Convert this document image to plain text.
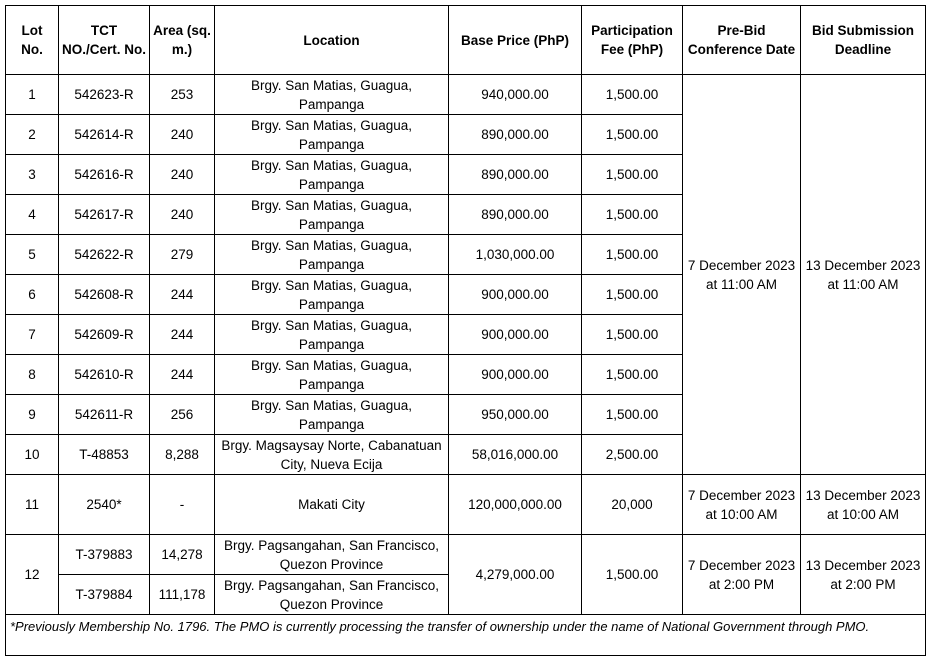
Lot No.	TCT NO./Cert. No.	Area (sq. m.)	Location	Base Price (PhP)	Participation Fee (PhP)	Pre-Bid Conference Date	Bid Submission Deadline
1	542623-R	253	Brgy. San Matias, Guagua, Pampanga	940,000.00	1,500.00	7 December 2023 at 11:00 AM	13 December 2023 at 11:00 AM
2	542614-R	240	Brgy. San Matias, Guagua, Pampanga	890,000.00	1,500.00		
3	542616-R	240	Brgy. San Matias, Guagua, Pampanga	890,000.00	1,500.00		
4	542617-R	240	Brgy. San Matias, Guagua, Pampanga	890,000.00	1,500.00		
5	542622-R	279	Brgy. San Matias, Guagua, Pampanga	1,030,000.00	1,500.00		
6	542608-R	244	Brgy. San Matias, Guagua, Pampanga	900,000.00	1,500.00		
7	542609-R	244	Brgy. San Matias, Guagua, Pampanga	900,000.00	1,500.00		
8	542610-R	244	Brgy. San Matias, Guagua, Pampanga	900,000.00	1,500.00		
9	542611-R	256	Brgy. San Matias, Guagua, Pampanga	950,000.00	1,500.00		
10	T-48853	8,288	Brgy. Magsaysay Norte, Cabanatuan City, Nueva Ecija	58,016,000.00	2,500.00		
11	2540*	-	Makati City	120,000,000.00	20,000	7 December 2023 at 10:00 AM	13 December 2023 at 10:00 AM
12	T-379883	14,278	Brgy. Pagsangahan, San Francisco, Quezon Province	4,279,000.00	1,500.00	7 December 2023 at 2:00 PM	13 December 2023 at 2:00 PM
	T-379884	111,178	Brgy. Pagsangahan, San Francisco, Quezon Province				
*Previously Membership No. 1796. The PMO is currently processing the transfer of ownership under the name of National Government through PMO.							
